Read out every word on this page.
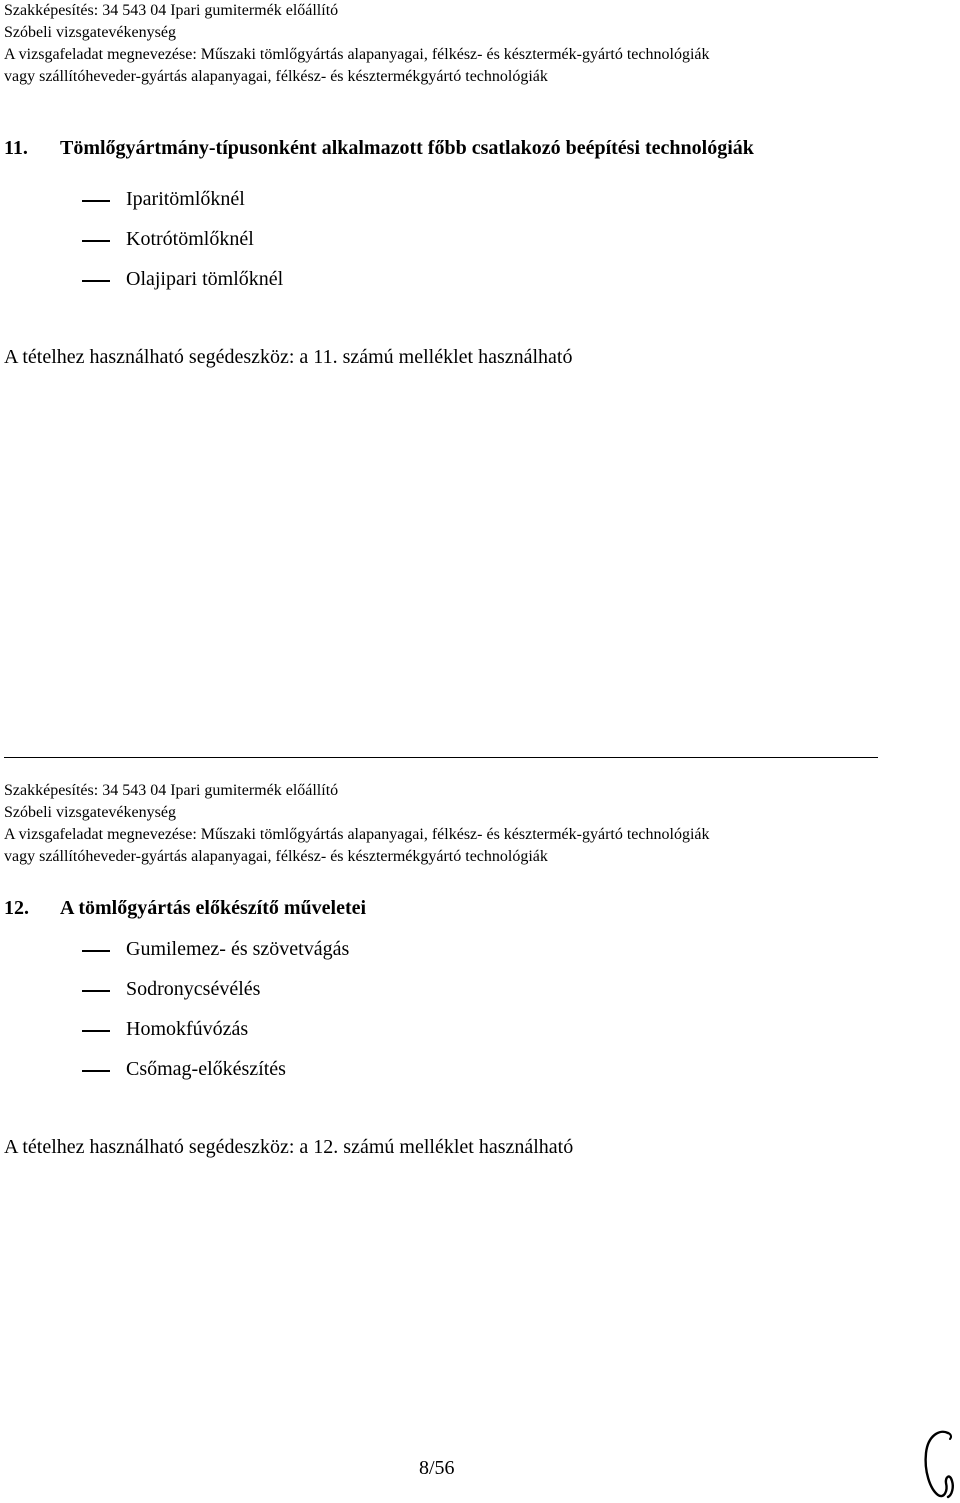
Szakképesítés: 34 543 04 Ipari gumitermék előállító
Szóbeli vizsgatevékenység
A vizsgafeladat megnevezése: Műszaki tömlőgyártás alapanyagai, félkész- és késztermék-gyártó technológiák
vagy szállítóheveder-gyártás alapanyagai, félkész- és késztermékgyártó technológiák
11. Tömlőgyártmány-típusonként alkalmazott főbb csatlakozó beépítési technológiák
Iparitömlőknél
Kotrótömlőknél
Olajipari tömlőknél
A tételhez használható segédeszköz: a 11. számú melléklet használható
Szakképesítés: 34 543 04 Ipari gumitermék előállító
Szóbeli vizsgatevékenység
A vizsgafeladat megnevezése: Műszaki tömlőgyártás alapanyagai, félkész- és késztermék-gyártó technológiák
vagy szállítóheveder-gyártás alapanyagai, félkész- és késztermékgyártó technológiák
12. A tömlőgyártás előkészítő műveletei
Gumilemez- és szövetvágás
Sodronycsévélés
Homokfúvózás
Csőmag-előkészítés
A tételhez használható segédeszköz: a 12. számú melléklet használható
8/56
